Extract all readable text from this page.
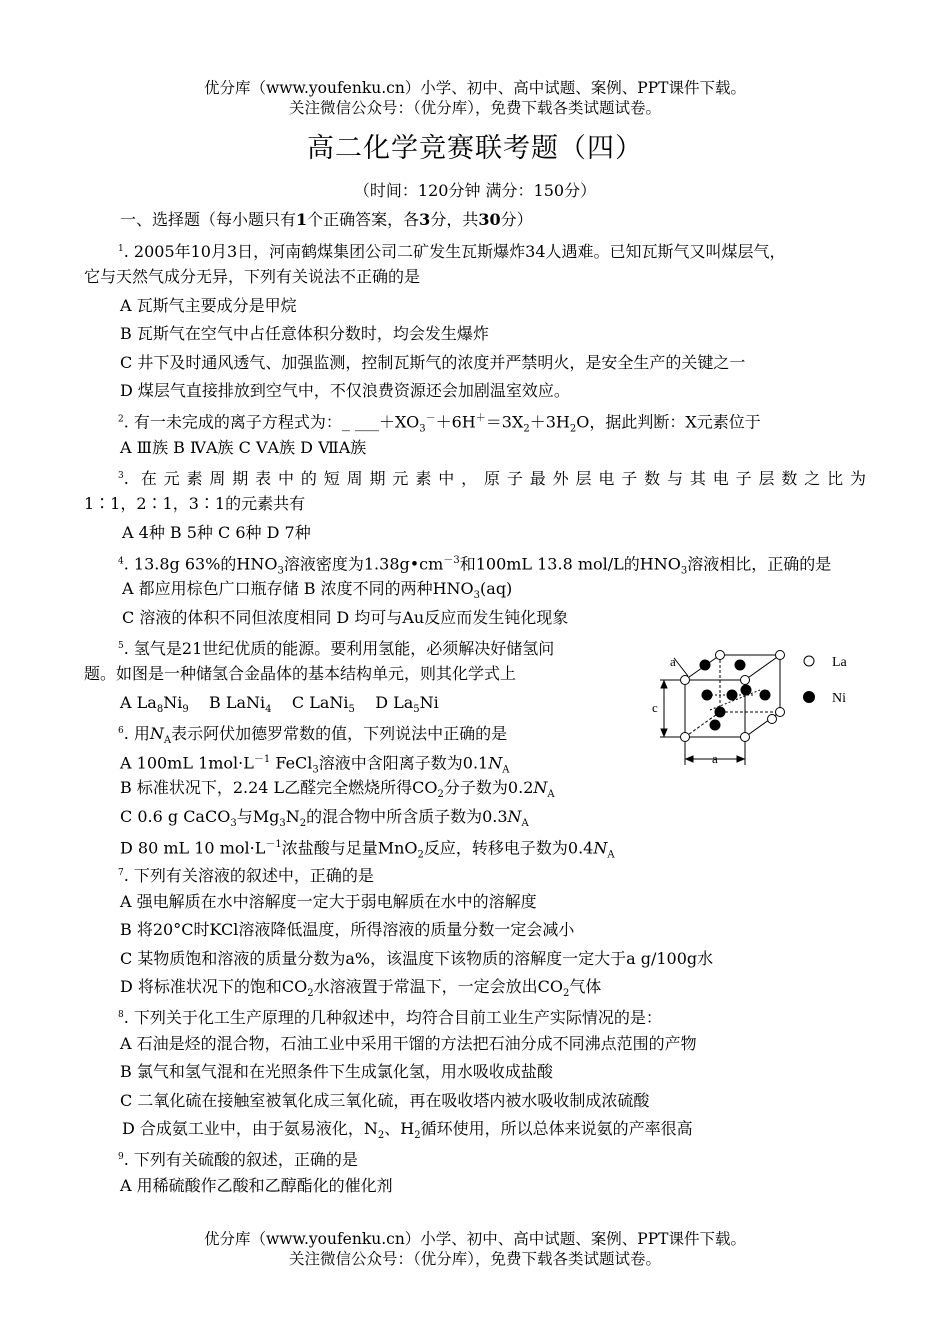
优分库（www.youfenku.cn）小学、初中、高中试题、案例、PPT课件下载。
关注微信公众号：（优分库），免费下载各类试题试卷。
高二化学竞赛联考题（四）
（时间：120分钟 满分：150分）
一、选择题（每小题只有1个正确答案，各3分，共30分）
$^1$. 2005年10月3日，河南鹤煤集团公司二矿发生瓦斯爆炸34人遇难。已知瓦斯气又叫煤层气，
它与天然气成分无异，下列有关说法不正确的是
A 瓦斯气主要成分是甲烷
B 瓦斯气在空气中占任意体积分数时，均会发生爆炸
C 井下及时通风透气、加强监测，控制瓦斯气的浓度并严禁明火，是安全生产的关键之一
D 煤层气直接排放到空气中，不仅浪费资源还会加剧温室效应。
$^2$. 有一未完成的离子方程式为：_ $\_\_\_+XO_3^-+6H^+=3X_2+3H_2O$，据此判断：X元素位于
A Ⅲ族 B ⅣA族 C ⅤA族 D ⅦA族
$^3$. 在元素周期表中的短周期元素中，原子最外层电子数与其电子层数之比为
1∶1，2∶1，3∶1的元素共有
A 4种 B 5种 C 6种 D 7种
$^4$. 13.8g 63%的$HNO_3$溶液密度为$1.38g•cm^{-3}$和100mL 13.8 mol/L的$HNO_3$溶液相比，正确的是
A 都应用棕色广口瓶存储 B 浓度不同的两种$HNO_3(aq)$
C 溶液的体积不同但浓度相同 D 均可与Au反应而发生钝化现象
$^5$. 氢气是21世纪优质的能源。要利用氢能，必须解决好储氢问
题。如图是一种储氢合金晶体的基本结构单元，则其化学式上
A $La_8Ni_9$ B LaNi$_4$ C LaNi$_5$ D $La_5Ni$
a
c
a
La
Ni
$^6$. 用$N_A$表示阿伏加德罗常数的值，下列说法中正确的是
A 100mL $1mol\cdot L^{-1}$ FeCl$_3$溶液中含阳离子数为$0.1N_A$
B 标准状况下，2.24 L乙醛完全燃烧所得$CO_2$分子数为$0.2N_A$
C 0.6 g CaCO$_3$与$Mg_3N_2$的混合物中所含质子数为$0.3N_A$
D 80 mL 10 $mol\cdot L^{-1}$浓盐酸与足量MnO$_2$反应，转移电子数为$0.4N_A$
$^7$. 下列有关溶液的叙述中，正确的是
A 强电解质在水中溶解度一定大于弱电解质在水中的溶解度
B 将20°C时KCl溶液降低温度，所得溶液的质量分数一定会减小
C 某物质饱和溶液的质量分数为a%，该温度下该物质的溶解度一定大于a g/100g水
D 将标准状况下的饱和$CO_2$水溶液置于常温下，一定会放出$CO_2$气体
$^8$. 下列关于化工生产原理的几种叙述中，均符合目前工业生产实际情况的是：
A 石油是烃的混合物，石油工业中采用干馏的方法把石油分成不同沸点范围的产物
B 氯气和氢气混和在光照条件下生成氯化氢，用水吸收成盐酸
C 二氧化硫在接触室被氧化成三氧化硫，再在吸收塔内被水吸收制成浓硫酸
D 合成氨工业中，由于氨易液化，$N_2$、$H_2$循环使用，所以总体来说氨的产率很高
$^9$. 下列有关硫酸的叙述，正确的是
A 用稀硫酸作乙酸和乙醇酯化的催化剂
优分库（www.youfenku.cn）小学、初中、高中试题、案例、PPT课件下载。
关注微信公众号：（优分库），免费下载各类试题试卷。
